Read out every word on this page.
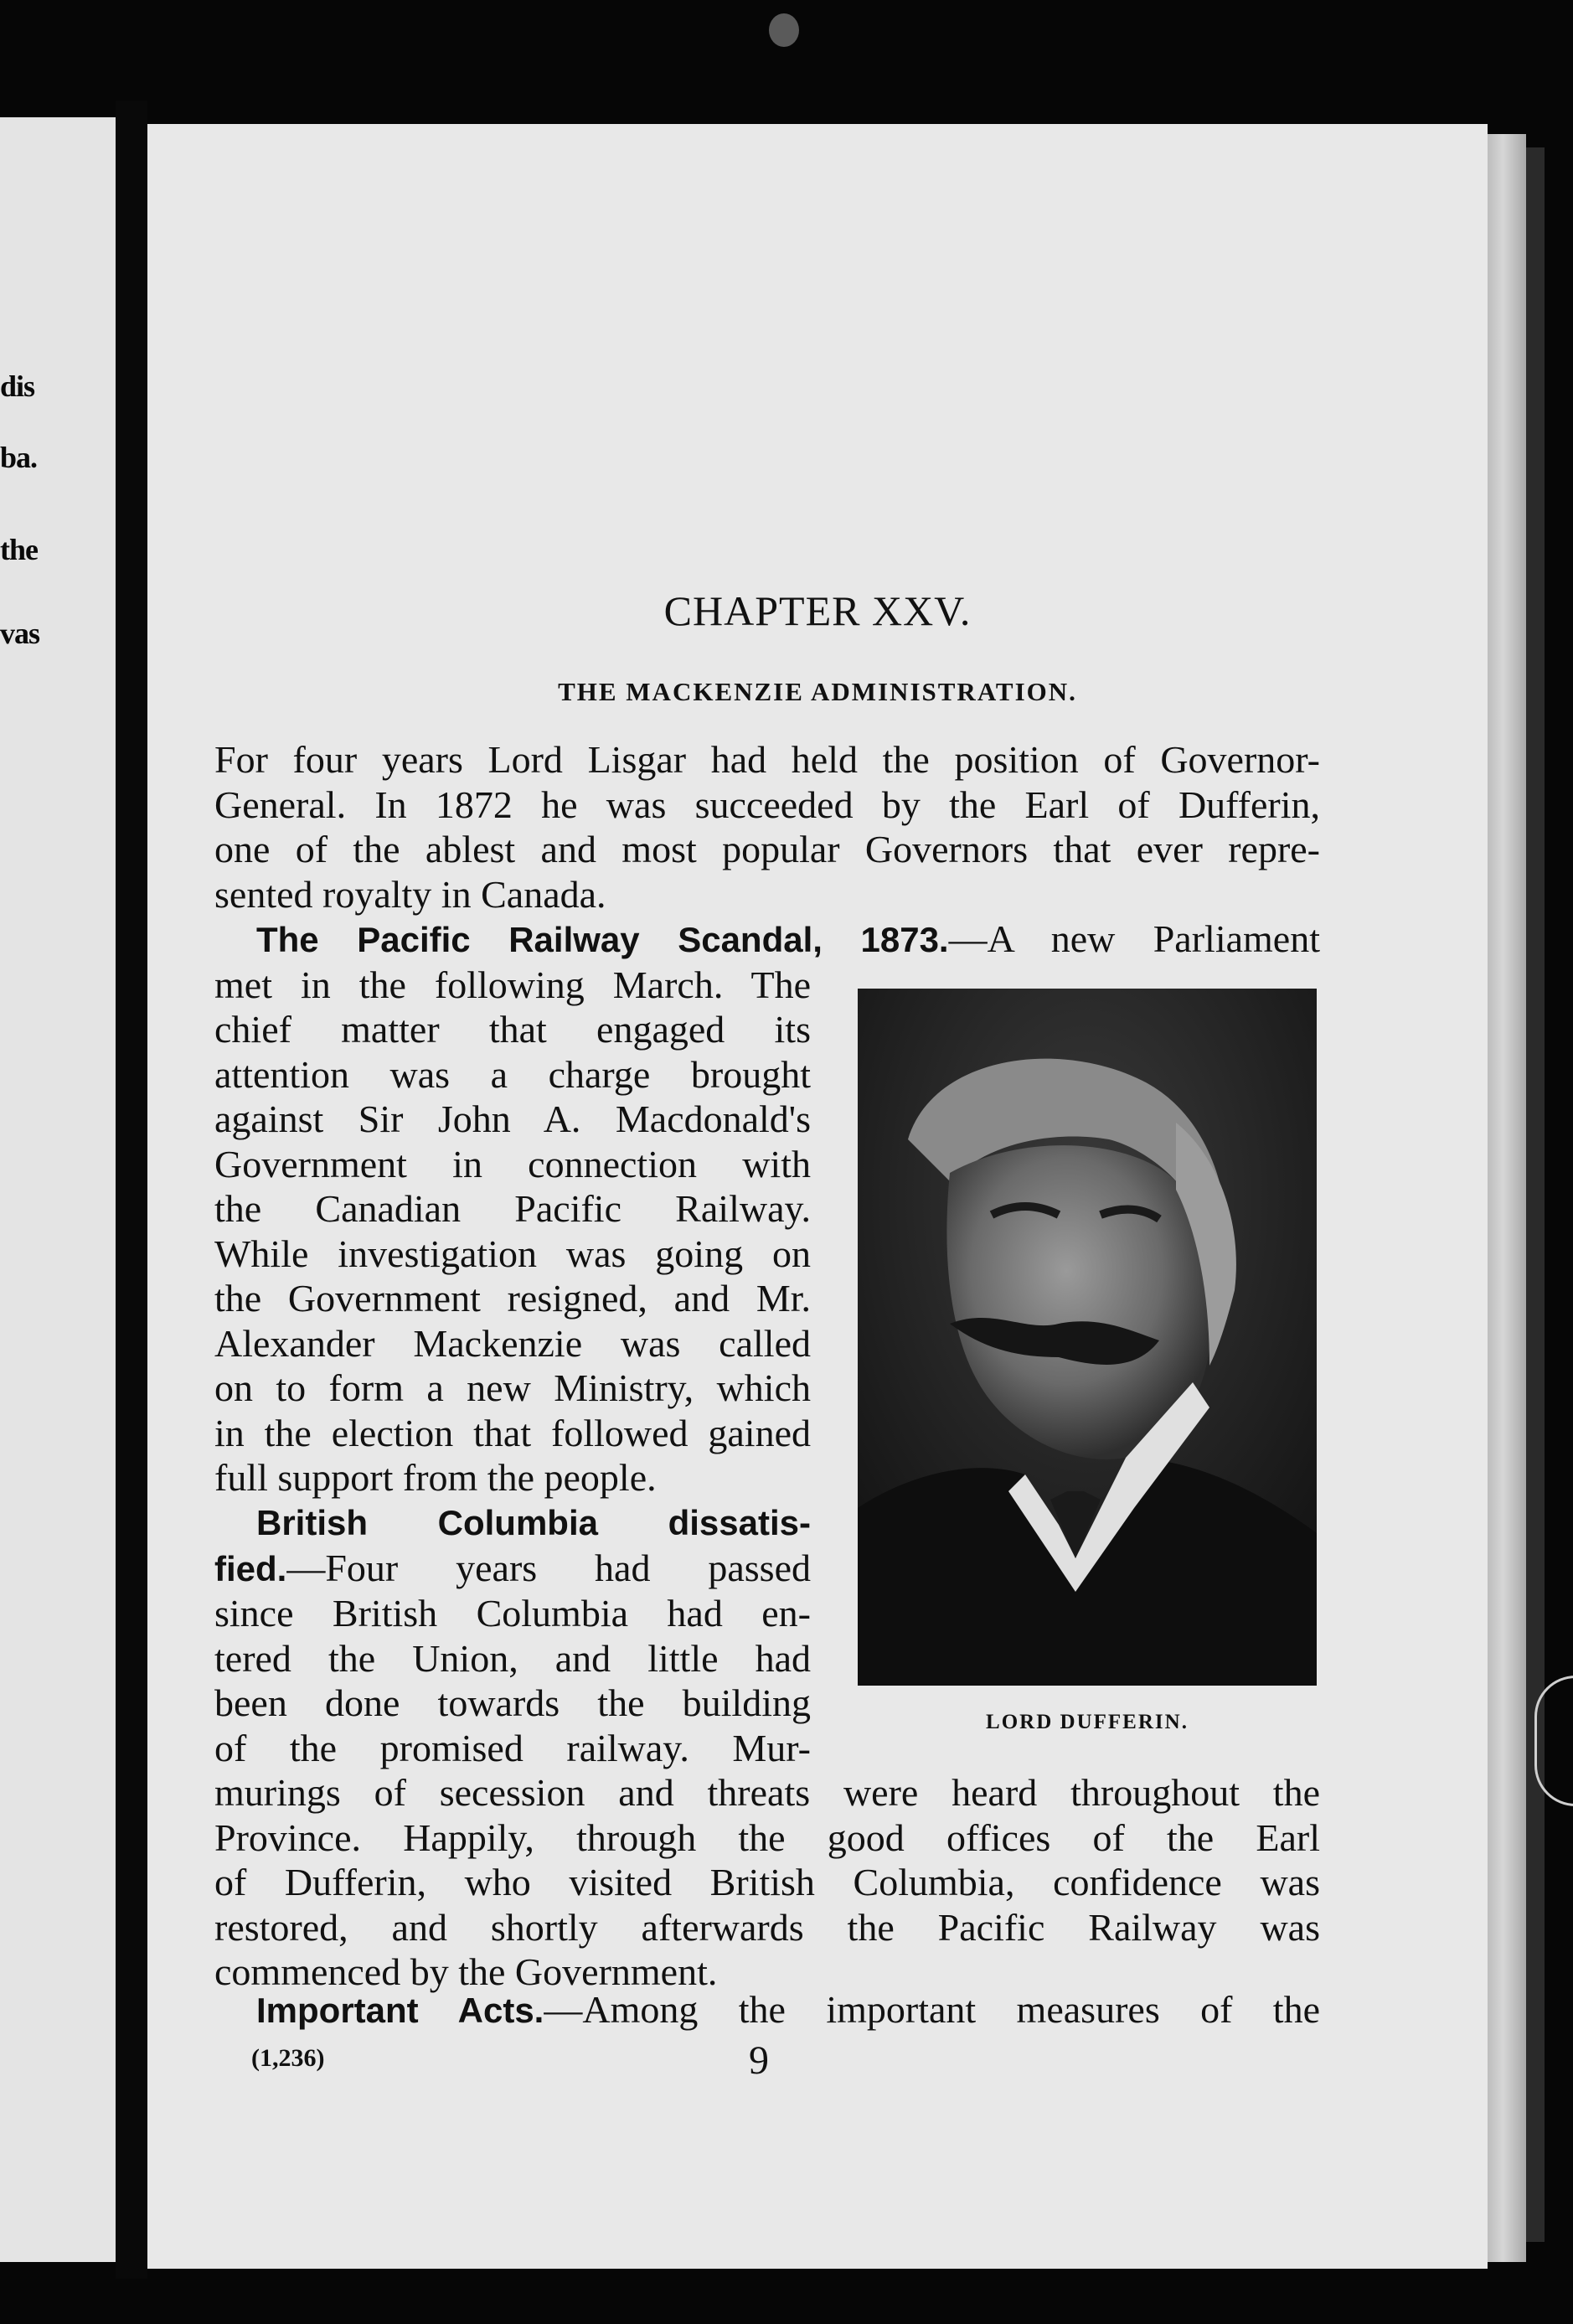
dis
ba.
the
vas	CHAPTER XXV.
THE MACKENZIE ADMINISTRATION.

For four years Lord Lisgar had held the position of Governor-

General. In 1872 he was succeeded by the Earl of Dufferin,

one of the ablest and most popular Governors that ever repre-

sented royalty in Canada.

The Pacific Railway Scandal, 1873.—A new Parliament

met in the following March. The

chief matter that engaged its

attention was a charge brought

against Sir John A. Macdonald's

Government in connection with

the Canadian Pacific Railway.

While investigation was going on

the Government resigned, and Mr.

Alexander Mackenzie was called

on to form a new Ministry, which

in the election that followed gained

full support from the people.

British Columbia dissatis-

fied.—Four years had passed

since British Columbia had en-

tered the Union, and little had

been done towards the building

of the promised railway. Mur-

murings of secession and threats were heard throughout the

Province. Happily, through the good offices of the Earl

of Dufferin, who visited British Columbia, confidence was

restored, and shortly afterwards the Pacific Railway was

commenced by the Government.

Important Acts.—Among the important measures of the

LORD DUFFERIN.
(1,236)	9
